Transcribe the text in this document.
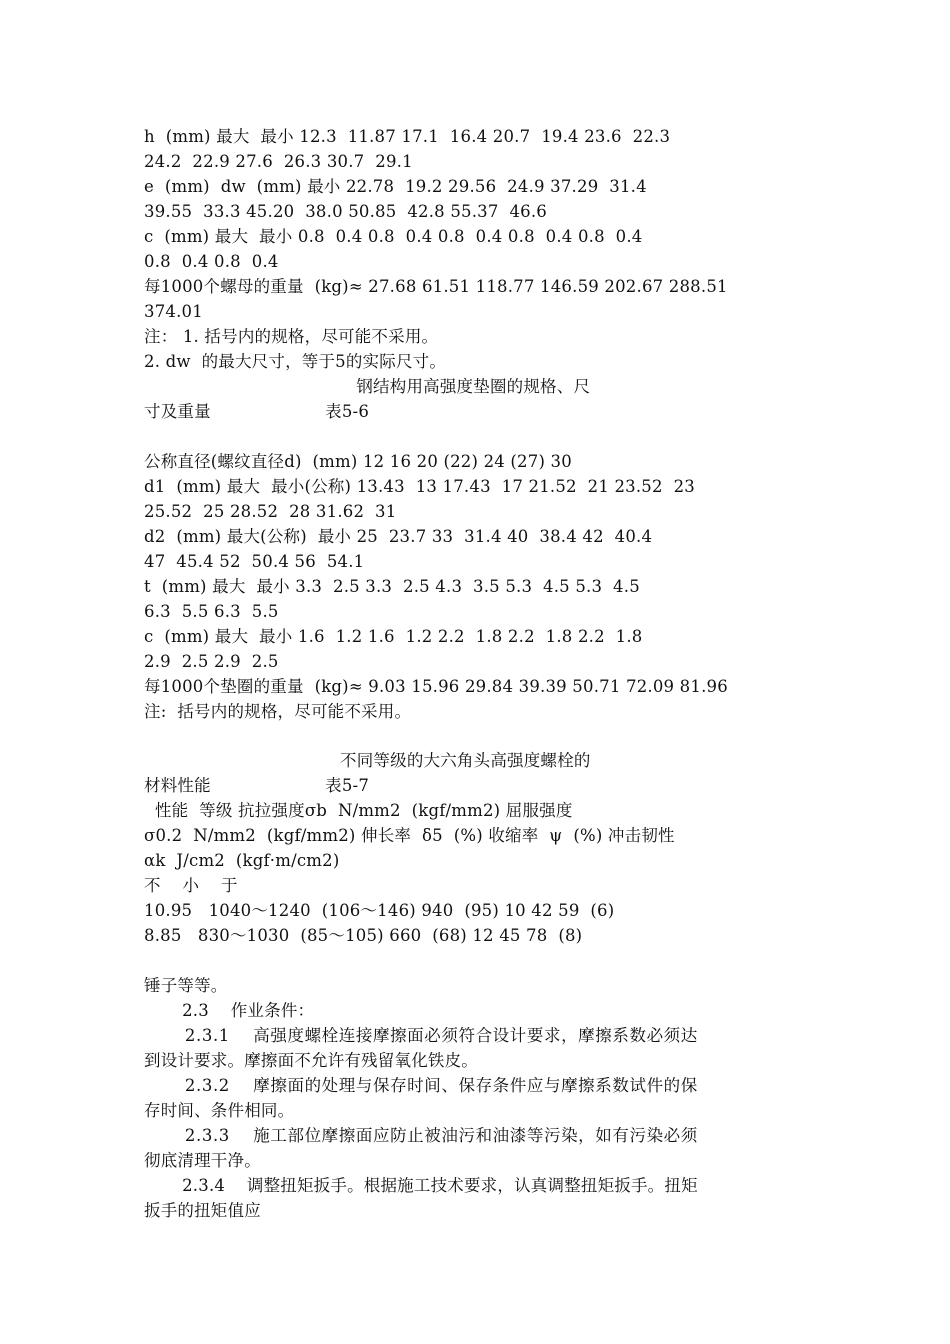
h  (mm) 最大  最小 12.3  11.87 17.1  16.4 20.7  19.4 23.6  22.3
24.2  22.9 27.6  26.3 30.7  29.1
e  (mm)  dw  (mm) 最小 22.78  19.2 29.56  24.9 37.29  31.4
39.55  33.3 45.20  38.0 50.85  42.8 55.37  46.6
c  (mm) 最大  最小 0.8  0.4 0.8  0.4 0.8  0.4 0.8  0.4 0.8  0.4
0.8  0.4 0.8  0.4
每1000个螺母的重量  (kg)≈ 27.68 61.51 118.77 146.59 202.67 288.51
374.01
注： 1. 括号内的规格，尽可能不采用。
2. dw  的最大尺寸，等于5的实际尺寸。
钢结构用高强度垫圈的规格、尺
寸及重量                     表5-6
公称直径(螺纹直径d)  (mm) 12 16 20 (22) 24 (27) 30
d1  (mm) 最大  最小(公称) 13.43  13 17.43  17 21.52  21 23.52  23
25.52  25 28.52  28 31.62  31
d2  (mm) 最大(公称)  最小 25  23.7 33  31.4 40  38.4 42  40.4
47  45.4 52  50.4 56  54.1
t  (mm) 最大  最小 3.3  2.5 3.3  2.5 4.3  3.5 5.3  4.5 5.3  4.5
6.3  5.5 6.3  5.5
c  (mm) 最大  最小 1.6  1.2 1.6  1.2 2.2  1.8 2.2  1.8 2.2  1.8
2.9  2.5 2.9  2.5
每1000个垫圈的重量  (kg)≈ 9.03 15.96 29.84 39.39 50.71 72.09 81.96
注:  括号内的规格，尽可能不采用。
不同等级的大六角头高强度螺栓的
材料性能                     表5-7
性能  等级 抗拉强度σb  N/mm2  (kgf/mm2) 屈服强度
σ0.2  N/mm2  (kgf/mm2) 伸长率  δ5  (%) 收缩率  ψ  (%) 冲击韧性
αk  J/cm2  (kgf·m/cm2)
不    小    于
10.95   1040～1240  (106～146) 940  (95) 10 42 59  (6)
8.85   830～1030  (85～105) 660  (68) 12 45 78  (8)
锤子等等。
2.3    作业条件：
2.3.1    高强度螺栓连接摩擦面必须符合设计要求，摩擦系数必须达
到设计要求。摩擦面不允许有残留氧化铁皮。
2.3.2    摩擦面的处理与保存时间、保存条件应与摩擦系数试件的保
存时间、条件相同。
2.3.3    施工部位摩擦面应防止被油污和油漆等污染，如有污染必须
彻底清理干净。
2.3.4    调整扭矩扳手。根据施工技术要求，认真调整扭矩扳手。扭矩
扳手的扭矩值应
